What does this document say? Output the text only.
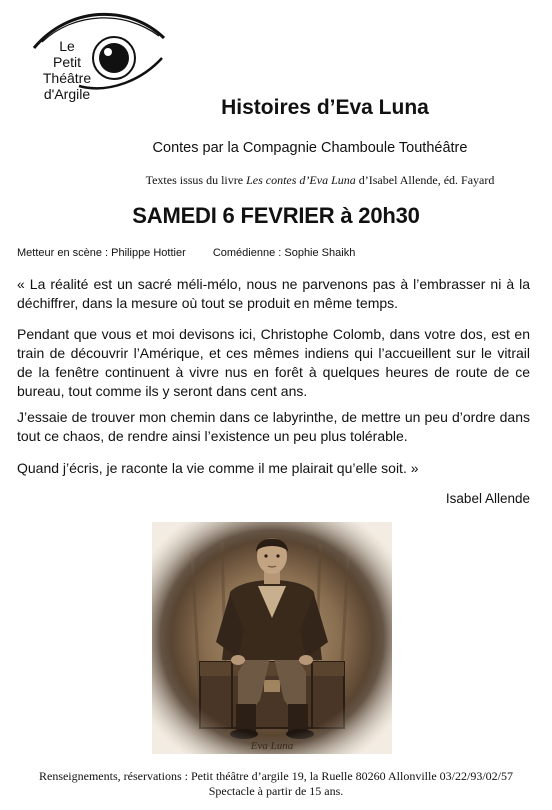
Le
Petit
Théâtre
d'Argile
Histoires d’Eva Luna
Contes par la Compagnie Chamboule Touthéâtre
Textes issus du livre Les contes d’Eva Luna d’Isabel Allende, éd. Fayard
SAMEDI 6 FEVRIER à 20h30
Metteur en scène : Philippe Hottier Comédienne : Sophie Shaikh

« La réalité est un sacré méli-mélo, nous ne parvenons pas à l’embrasser ni à la déchiffrer, dans la mesure où tout se produit en même temps.

Pendant que vous et moi devisons ici, Christophe Colomb, dans votre dos, est en train de découvrir l’Amérique, et ces mêmes indiens qui l’accueillent sur le vitrail de la fenêtre continuent à vivre nus en forêt à quelques heures de route de ce bureau, tout comme ils y seront dans cent ans.

J’essaie de trouver mon chemin dans ce labyrinthe, de mettre un peu d’ordre dans tout ce chaos, de rendre ainsi l’existence un peu plus tolérable.

Quand j’écris, je raconte la vie comme il me plairait qu’elle soit. »

Isabel Allende
Eva Luna
Renseignements, réservations : Petit théâtre d’argile 19, la Ruelle 80260 Allonville 03/22/93/02/57
Spectacle à partir de 15 ans.
